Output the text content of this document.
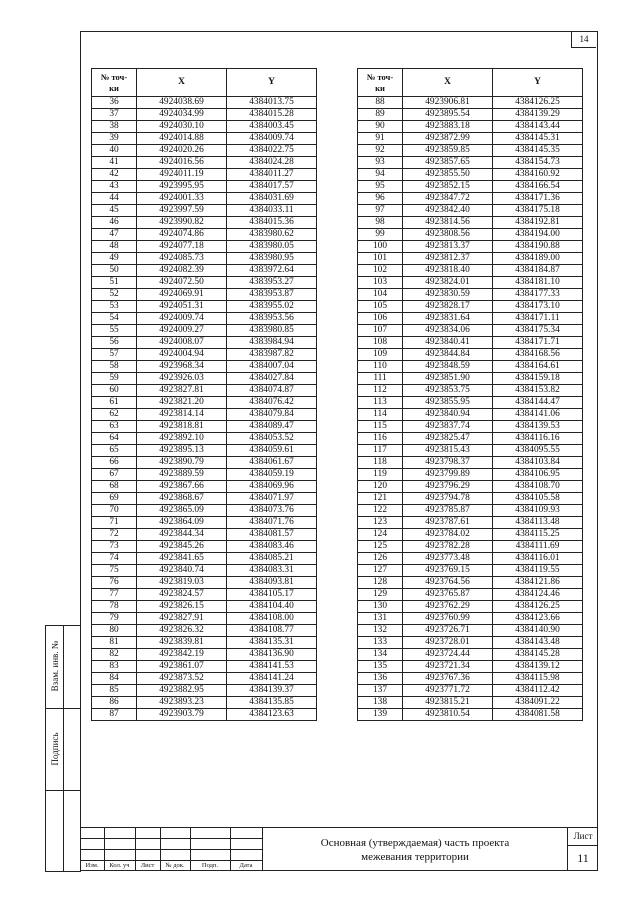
14
№ точ-
ки	X	Y
36	4924038.69	4384013.75
37	4924034.99	4384015.28
38	4924030.10	4384003.45
39	4924014.88	4384009.74
40	4924020.26	4384022.75
41	4924016.56	4384024.28
42	4924011.19	4384011.27
43	4923995.95	4384017.57
44	4924001.33	4384031.69
45	4923997.59	4384033.11
46	4923990.82	4384015.36
47	4924074.86	4383980.62
48	4924077.18	4383980.05
49	4924085.73	4383980.95
50	4924082.39	4383972.64
51	4924072.50	4383953.27
52	4924069.91	4383953.87
53	4924051.31	4383955.02
54	4924009.74	4383953.56
55	4924009.27	4383980.85
56	4924008.07	4383984.94
57	4924004.94	4383987.82
58	4923968.34	4384007.04
59	4923926.03	4384027.84
60	4923827.81	4384074.87
61	4923821.20	4384076.42
62	4923814.14	4384079.84
63	4923818.81	4384089.47
64	4923892.10	4384053.52
65	4923895.13	4384059.61
66	4923890.79	4384061.67
67	4923889.59	4384059.19
68	4923867.66	4384069.96
69	4923868.67	4384071.97
70	4923865.09	4384073.76
71	4923864.09	4384071.76
72	4923844.34	4384081.57
73	4923845.26	4384083.46
74	4923841.65	4384085.21
75	4923840.74	4384083.31
76	4923819.03	4384093.81
77	4923824.57	4384105.17
78	4923826.15	4384104.40
79	4923827.91	4384108.00
80	4923826.32	4384108.77
81	4923839.81	4384135.31
82	4923842.19	4384136.90
83	4923861.07	4384141.53
84	4923873.52	4384141.24
85	4923882.95	4384139.37
86	4923893.23	4384135.85
87	4923903.79	4384123.63
№ точ-
ки	X	Y
88	4923906.81	4384126.25
89	4923895.54	4384139.29
90	4923883.18	4384143.44
91	4923872.99	4384145.31
92	4923859.85	4384145.35
93	4923857.65	4384154.73
94	4923855.50	4384160.92
95	4923852.15	4384166.54
96	4923847.72	4384171.36
97	4923842.40	4384175.18
98	4923814.56	4384192.81
99	4923808.56	4384194.00
100	4923813.37	4384190.88
101	4923812.37	4384189.00
102	4923818.40	4384184.87
103	4923824.01	4384181.10
104	4923830.59	4384177.33
105	4923828.17	4384173.10
106	4923831.64	4384171.11
107	4923834.06	4384175.34
108	4923840.41	4384171.71
109	4923844.84	4384168.56
110	4923848.59	4384164.61
111	4923851.90	4384159.18
112	4923853.75	4384153.82
113	4923855.95	4384144.47
114	4923840.94	4384141.06
115	4923837.74	4384139.53
116	4923825.47	4384116.16
117	4923815.43	4384095.55
118	4923798.37	4384103.84
119	4923799.89	4384106.95
120	4923796.29	4384108.70
121	4923794.78	4384105.58
122	4923785.87	4384109.93
123	4923787.61	4384113.48
124	4923784.02	4384115.25
125	4923782.28	4384111.69
126	4923773.48	4384116.01
127	4923769.15	4384119.55
128	4923764.56	4384121.86
129	4923765.87	4384124.46
130	4923762.29	4384126.25
131	4923760.99	4384123.66
132	4923726.71	4384140.90
133	4923728.01	4384143.48
134	4923724.44	4384145.28
135	4923721.34	4384139.12
136	4923767.36	4384115.98
137	4923771.72	4384112.42
138	4923815.21	4384091.22
139	4923810.54	4384081.58
Взам. инв. №
Подпись
Изм.	Кол. уч	Лист	№ док.	Подп.	Дата
Основная (утверждаемая) часть проекта межевания территории
Лист
11
